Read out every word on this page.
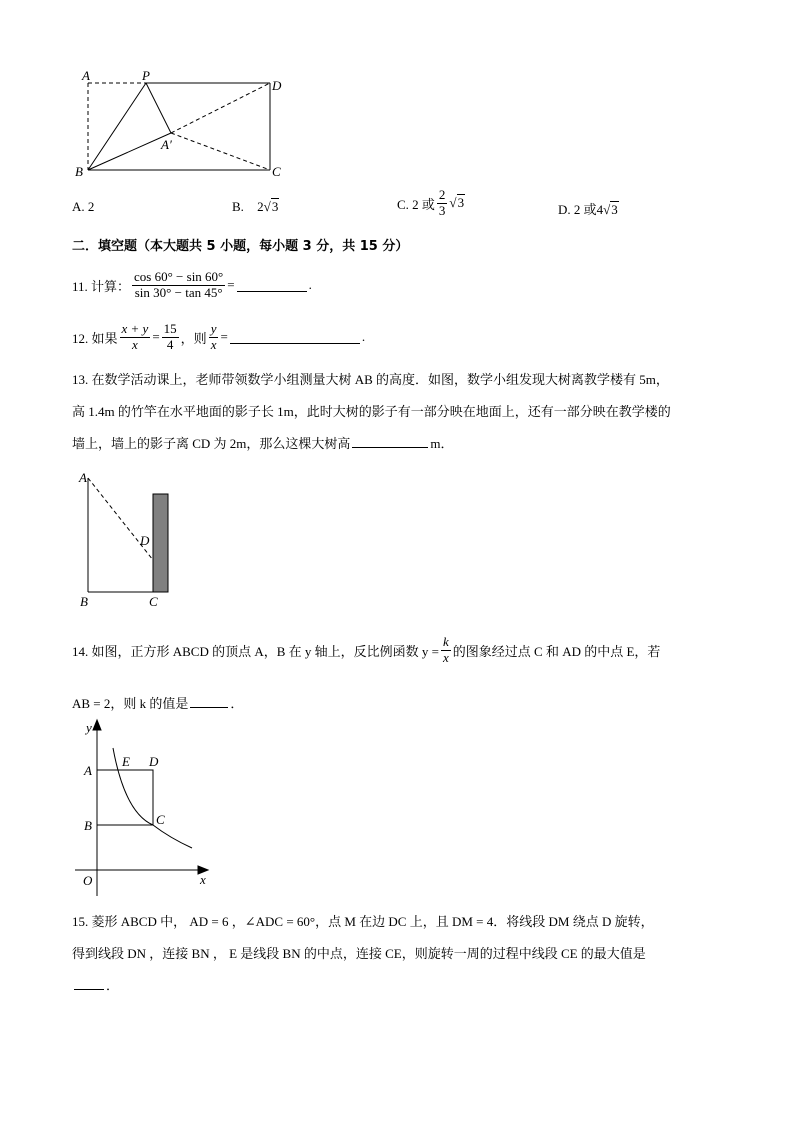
A	P
D
A′
B	C
A. 2	B. 2√3	C. 2 或 $\frac{2}{3} √3$	D. 2 或4√3
二．填空题（本大题共 5 小题，每小题 3 分，共 15 分）
11. 计算： $\frac{\cos 60^\circ - \sin 60^\circ}{\sin 30^\circ - \tan 45^\circ}$ =	.
12. 如果 $\frac{x + y}{x} = \frac{15}{4}$ ，则 $\frac{y}{x}$ =	.
13. 在数学活动课上，老师带领数学小组测量大树 AB 的高度．如图，数学小组发现大树离教学楼有 5m，
高 1.4m 的竹竿在水平地面的影子长 1m，此时大树的影子有一部分映在地面上，还有一部分映在教学楼的
墙上，墙上的影子离 CD 为 2m，那么这棵大树高	m．
A
D
B	C
14. 如图，正方形 ABCD 的顶点 A，B 在 y 轴上，反比例函数 $y = \frac{k}{x}$ 的图象经过点 C 和 AD 的中点 E，若
AB = 2，则 k 的值是	．
y
x
O
A
B	C
D
E
15. 菱形 ABCD 中， AD = 6 ，∠ADC = 60°，点 M 在边 DC 上，且 DM = 4．将线段 DM 绕点 D 旋转，
得到线段 DN ，连接 BN ， E 是线段 BN 的中点，连接 CE，则旋转一周的过程中线段 CE 的最大值是
．
